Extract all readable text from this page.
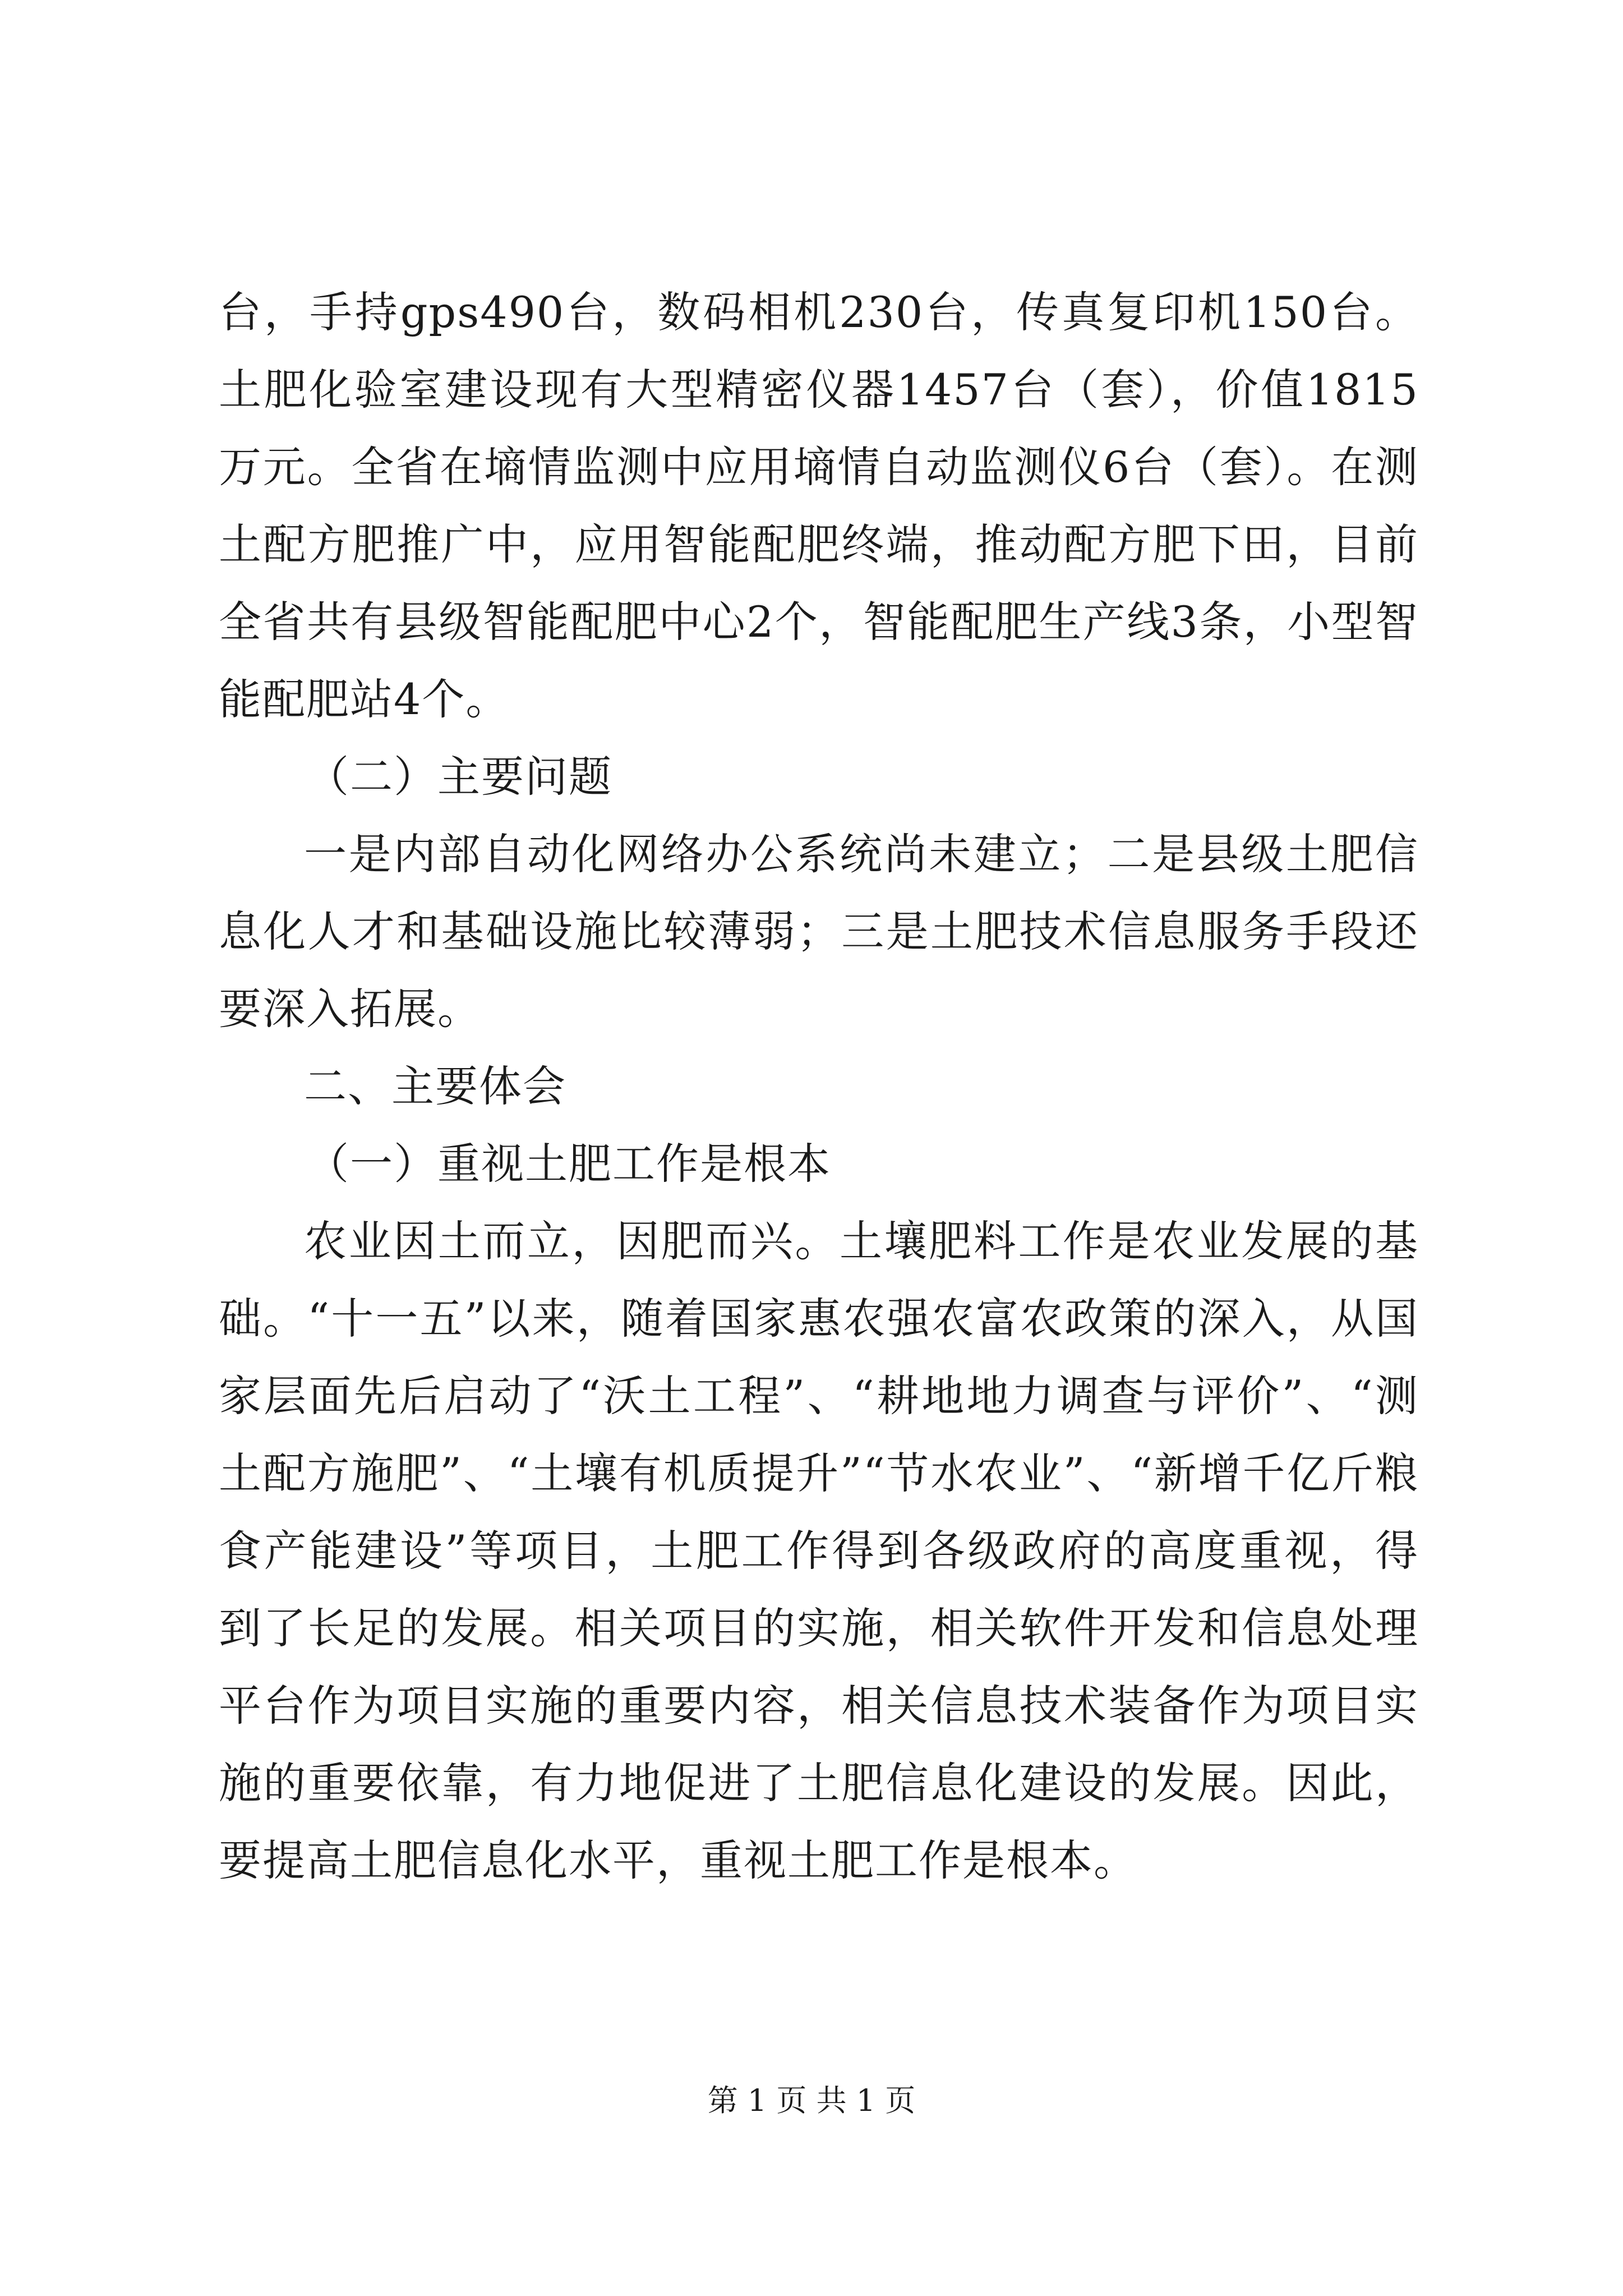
台，手持gps490台，数码相机230台，传真复印机150台。土肥化验室建设现有大型精密仪器1457台（套），价值1815万元。全省在墒情监测中应用墒情自动监测仪6台（套）。在测土配方肥推广中，应用智能配肥终端，推动配方肥下田，目前全省共有县级智能配肥中心2个，智能配肥生产线3条，小型智能配肥站4个。

（二）主要问题

一是内部自动化网络办公系统尚未建立；二是县级土肥信息化人才和基础设施比较薄弱；三是土肥技术信息服务手段还要深入拓展。

二、主要体会

（一）重视土肥工作是根本

农业因土而立，因肥而兴。土壤肥料工作是农业发展的基础。“十一五”以来，随着国家惠农强农富农政策的深入，从国家层面先后启动了“沃土工程”、“耕地地力调查与评价”、“测土配方施肥”、“土壤有机质提升”“节水农业”、“新增千亿斤粮食产能建设”等项目，土肥工作得到各级政府的高度重视，得到了长足的发展。相关项目的实施，相关软件开发和信息处理平台作为项目实施的重要内容，相关信息技术装备作为项目实施的重要依靠，有力地促进了土肥信息化建设的发展。因此，要提高土肥信息化水平，重视土肥工作是根本。

第 1 页 共 1 页
